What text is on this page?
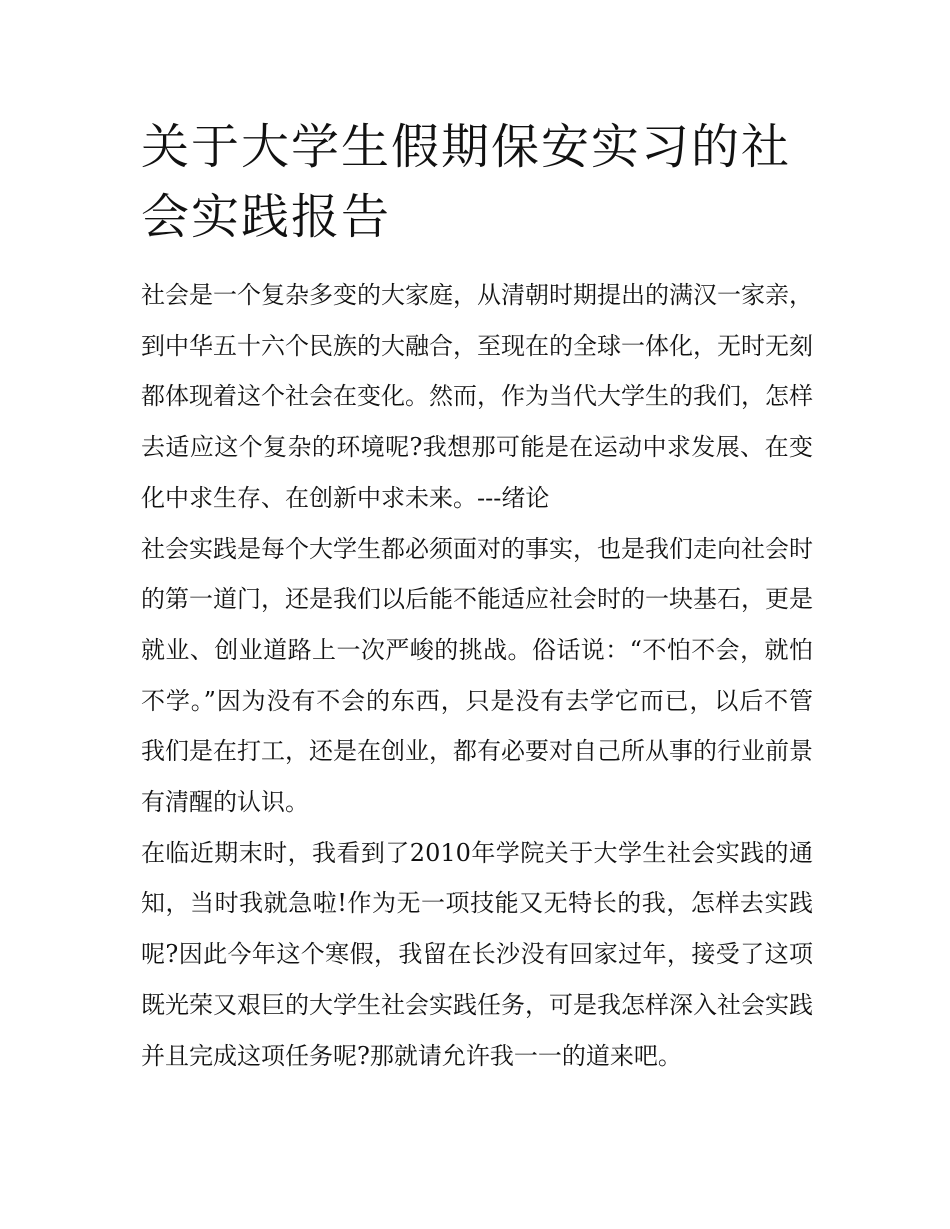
关于大学生假期保安实习的社会实践报告

社会是一个复杂多变的大家庭，从清朝时期提出的满汉一家亲，到中华五十六个民族的大融合，至现在的全球一体化，无时无刻都体现着这个社会在变化。然而，作为当代大学生的我们，怎样去适应这个复杂的环境呢?我想那可能是在运动中求发展、在变化中求生存、在创新中求未来。---绪论

社会实践是每个大学生都必须面对的事实，也是我们走向社会时的第一道门，还是我们以后能不能适应社会时的一块基石，更是就业、创业道路上一次严峻的挑战。俗话说：“不怕不会，就怕不学。”因为没有不会的东西，只是没有去学它而已，以后不管我们是在打工，还是在创业，都有必要对自己所从事的行业前景有清醒的认识。

在临近期末时，我看到了2010年学院关于大学生社会实践的通知，当时我就急啦!作为无一项技能又无特长的我，怎样去实践呢?因此今年这个寒假，我留在长沙没有回家过年，接受了这项既光荣又艰巨的大学生社会实践任务，可是我怎样深入社会实践并且完成这项任务呢?那就请允许我一一的道来吧。
